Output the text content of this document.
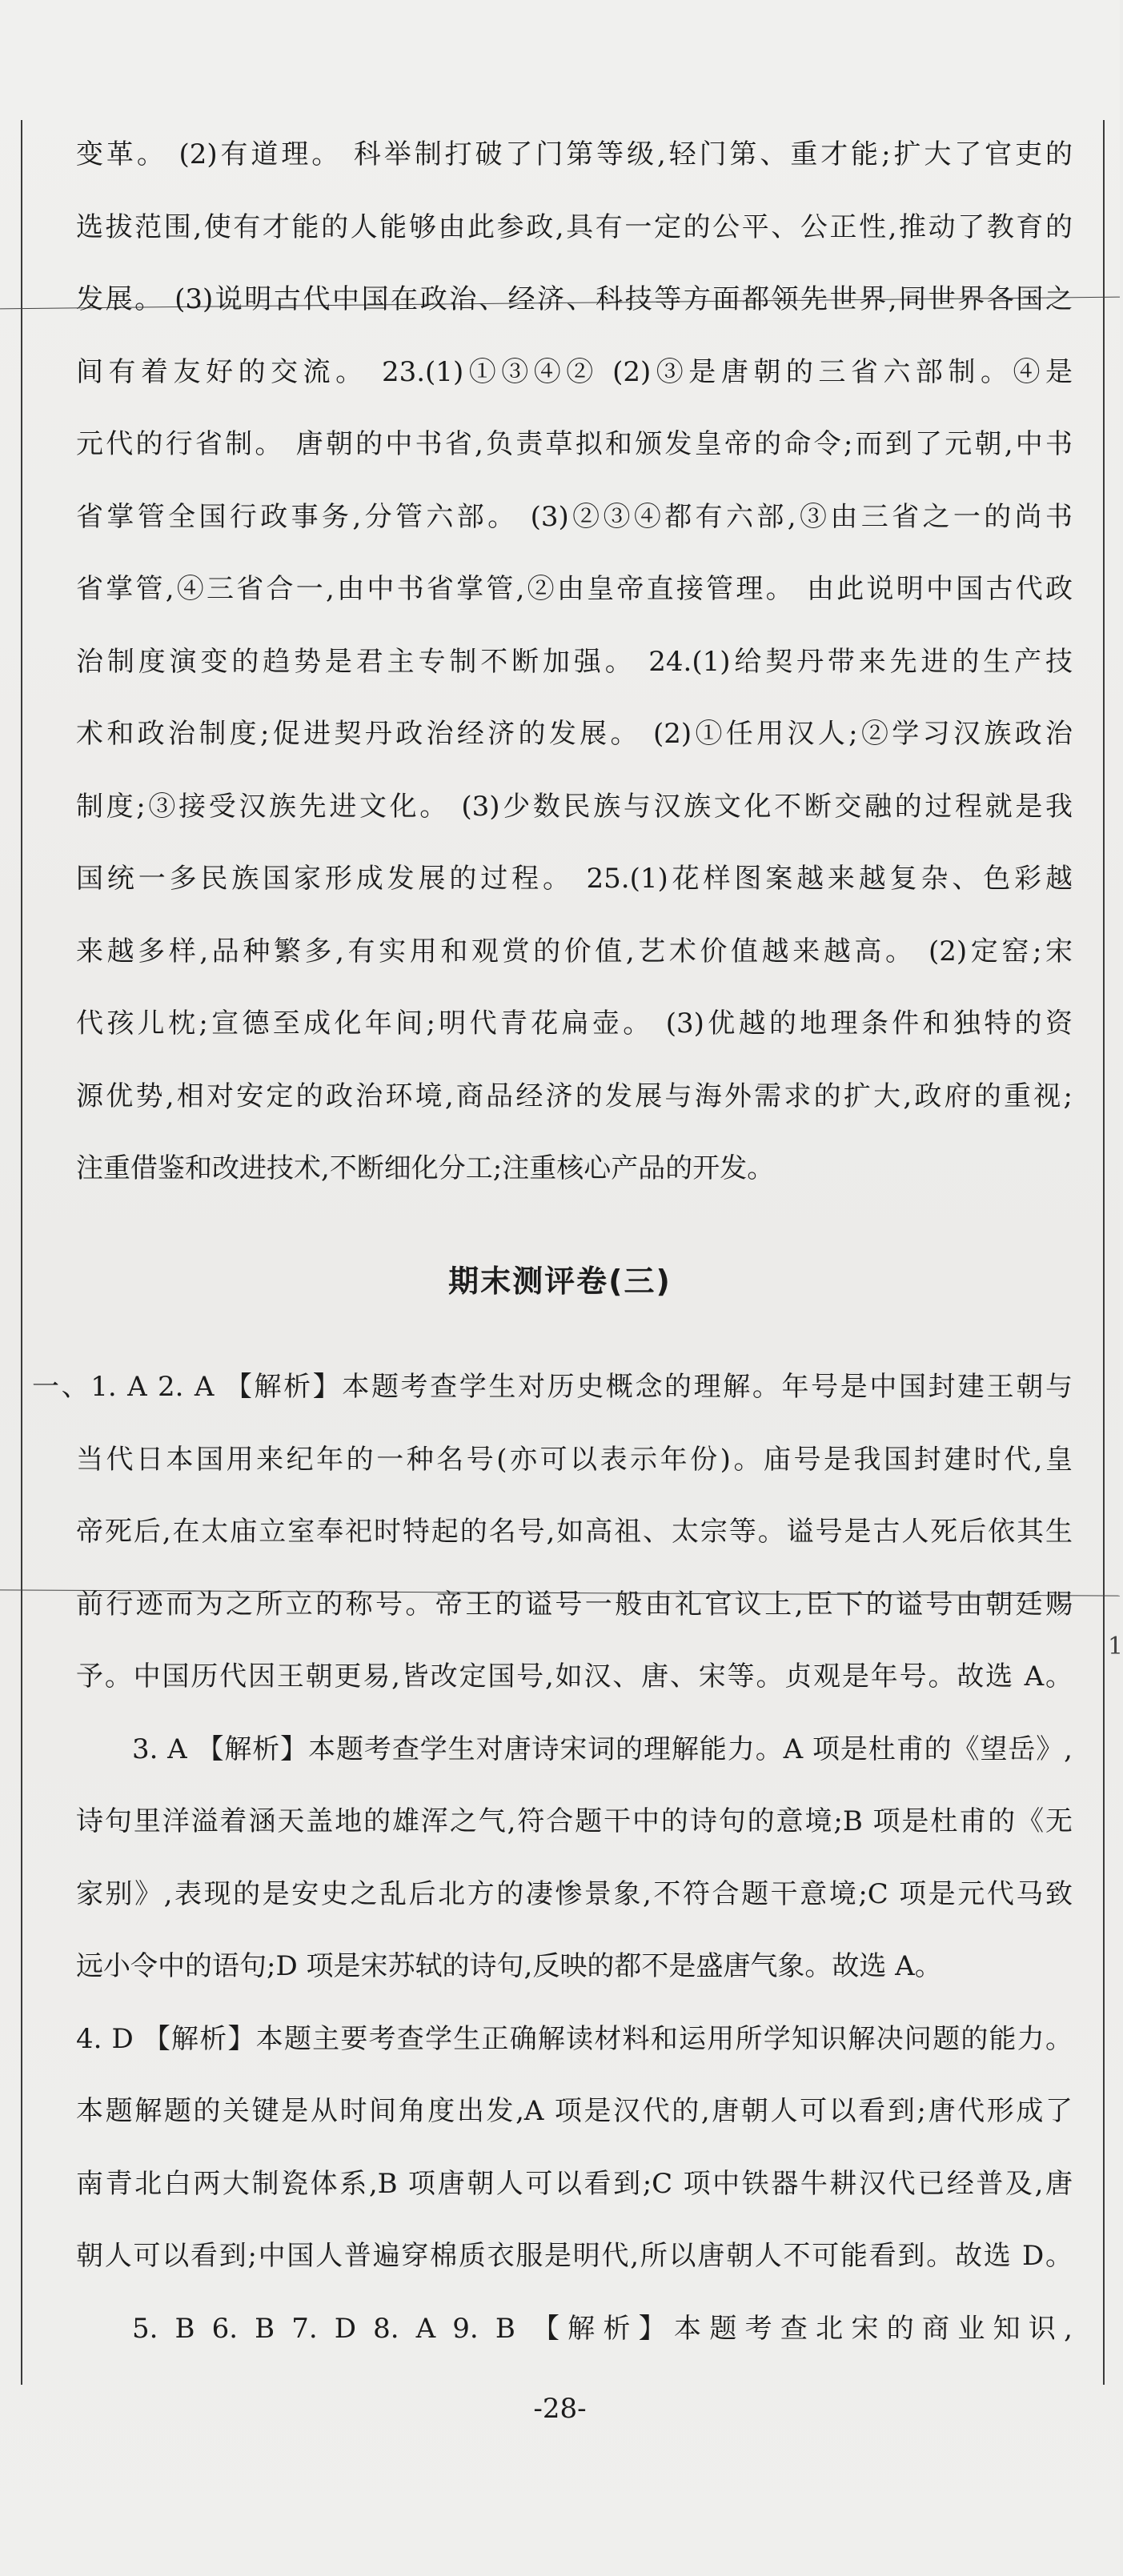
变革。 (2)有道理。 科举制打破了门第等级,轻门第、重才能;扩大了官吏的

选拔范围,使有才能的人能够由此参政,具有一定的公平、公正性,推动了教育的

发展。 (3)说明古代中国在政治、经济、科技等方面都领先世界,同世界各国之

间有着友好的交流。 23.(1)①③④② (2)③是唐朝的三省六部制。④是

元代的行省制。 唐朝的中书省,负责草拟和颁发皇帝的命令;而到了元朝,中书

省掌管全国行政事务,分管六部。 (3)②③④都有六部,③由三省之一的尚书

省掌管,④三省合一,由中书省掌管,②由皇帝直接管理。 由此说明中国古代政

治制度演变的趋势是君主专制不断加强。 24.(1)给契丹带来先进的生产技

术和政治制度;促进契丹政治经济的发展。 (2)①任用汉人;②学习汉族政治

制度;③接受汉族先进文化。 (3)少数民族与汉族文化不断交融的过程就是我

国统一多民族国家形成发展的过程。 25.(1)花样图案越来越复杂、色彩越

来越多样,品种繁多,有实用和观赏的价值,艺术价值越来越高。 (2)定窑;宋

代孩儿枕;宣德至成化年间;明代青花扁壶。 (3)优越的地理条件和独特的资

源优势,相对安定的政治环境,商品经济的发展与海外需求的扩大,政府的重视;

注重借鉴和改进技术,不断细化分工;注重核心产品的开发。

期末测评卷(三)

一、1. A 2. A 【解析】本题考查学生对历史概念的理解。年号是中国封建王朝与

当代日本国用来纪年的一种名号(亦可以表示年份)。庙号是我国封建时代,皇

帝死后,在太庙立室奉祀时特起的名号,如高祖、太宗等。谥号是古人死后依其生

前行迹而为之所立的称号。帝王的谥号一般由礼官议上,臣下的谥号由朝廷赐

予。中国历代因王朝更易,皆改定国号,如汉、唐、宋等。贞观是年号。故选 A。

3. A 【解析】本题考查学生对唐诗宋词的理解能力。A 项是杜甫的《望岳》,

诗句里洋溢着涵天盖地的雄浑之气,符合题干中的诗句的意境;B 项是杜甫的《无

家别》,表现的是安史之乱后北方的凄惨景象,不符合题干意境;C 项是元代马致

远小令中的语句;D 项是宋苏轼的诗句,反映的都不是盛唐气象。故选 A。

4. D 【解析】本题主要考查学生正确解读材料和运用所学知识解决问题的能力。

本题解题的关键是从时间角度出发,A 项是汉代的,唐朝人可以看到;唐代形成了

南青北白两大制瓷体系,B 项唐朝人可以看到;C 项中铁器牛耕汉代已经普及,唐

朝人可以看到;中国人普遍穿棉质衣服是明代,所以唐朝人不可能看到。故选 D。

5. B 6. B 7. D 8. A 9. B 【解析】本题考查北宋的商业知识,

1
-28-
